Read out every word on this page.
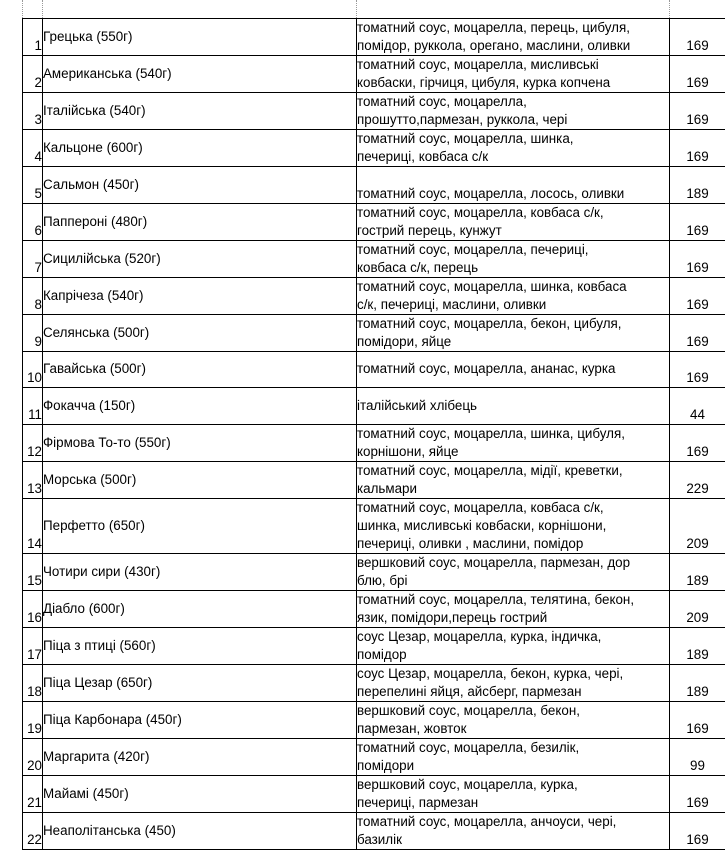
1	Грецька (550г)	томатний соус, моцарелла, перець, цибуля,
помідор, руккола, орегано, маслини, оливки	169
2	Американська (540г)	томатний соус, моцарелла, мисливські
ковбаски, гірчиця, цибуля, курка копчена	169
3	Італійська (540г)	томатний соус, моцарелла,
прошутто,пармезан, руккола, чері	169
4	Кальцоне (600г)	томатний соус, моцарелла, шинка,
печериці, ковбаса с/к	169
5	Сальмон (450г)	томатний соус, моцарелла, лосось, оливки	189
6	Паппероні (480г)	томатний соус, моцарелла, ковбаса с/к,
гострий перець, кунжут	169
7	Сицилійська (520г)	томатний соус, моцарелла, печериці,
ковбаса с/к, перець	169
8	Капрічеза (540г)	томатний соус, моцарелла, шинка, ковбаса
с/к, печериці, маслини, оливки	169
9	Селянська (500г)	томатний соус, моцарелла, бекон, цибуля,
помідори, яйце	169
10	Гавайська (500г)	томатний соус, моцарелла, ананас, курка	169
11	Фокачча (150г)	італійський хлібець	44
12	Фірмова То-то (550г)	томатний соус, моцарелла, шинка, цибуля,
корнішони, яйце	169
13	Морська (500г)	томатний соус, моцарелла, мідії, креветки,
кальмари	229
14	Перфетто (650г)	томатний соус, моцарелла, ковбаса с/к,
шинка, мисливські ковбаски, корнішони,
печериці, оливки , маслини, помідор	209
15	Чотири сири (430г)	вершковий соус, моцарелла, пармезан, дор
блю, брі	189
16	Діабло (600г)	томатний соус, моцарелла, телятина, бекон,
язик, помідори,перець гострий	209
17	Піца з птиці (560г)	соус Цезар, моцарелла, курка, індичка,
помідор	189
18	Піца Цезар (650г)	соус Цезар, моцарелла, бекон, курка, чері,
перепелині яйця, айсберг, пармезан	189
19	Піца Карбонара (450г)	вершковий соус, моцарелла, бекон,
пармезан, жовток	169
20	Маргарита (420г)	томатний соус, моцарелла, безилік,
помідори	99
21	Майамі (450г)	вершковий соус, моцарелла, курка,
печериці, пармезан	169
22	Неаполітанська (450)	томатний соус, моцарелла, анчоуси, чері,
базилік	169
